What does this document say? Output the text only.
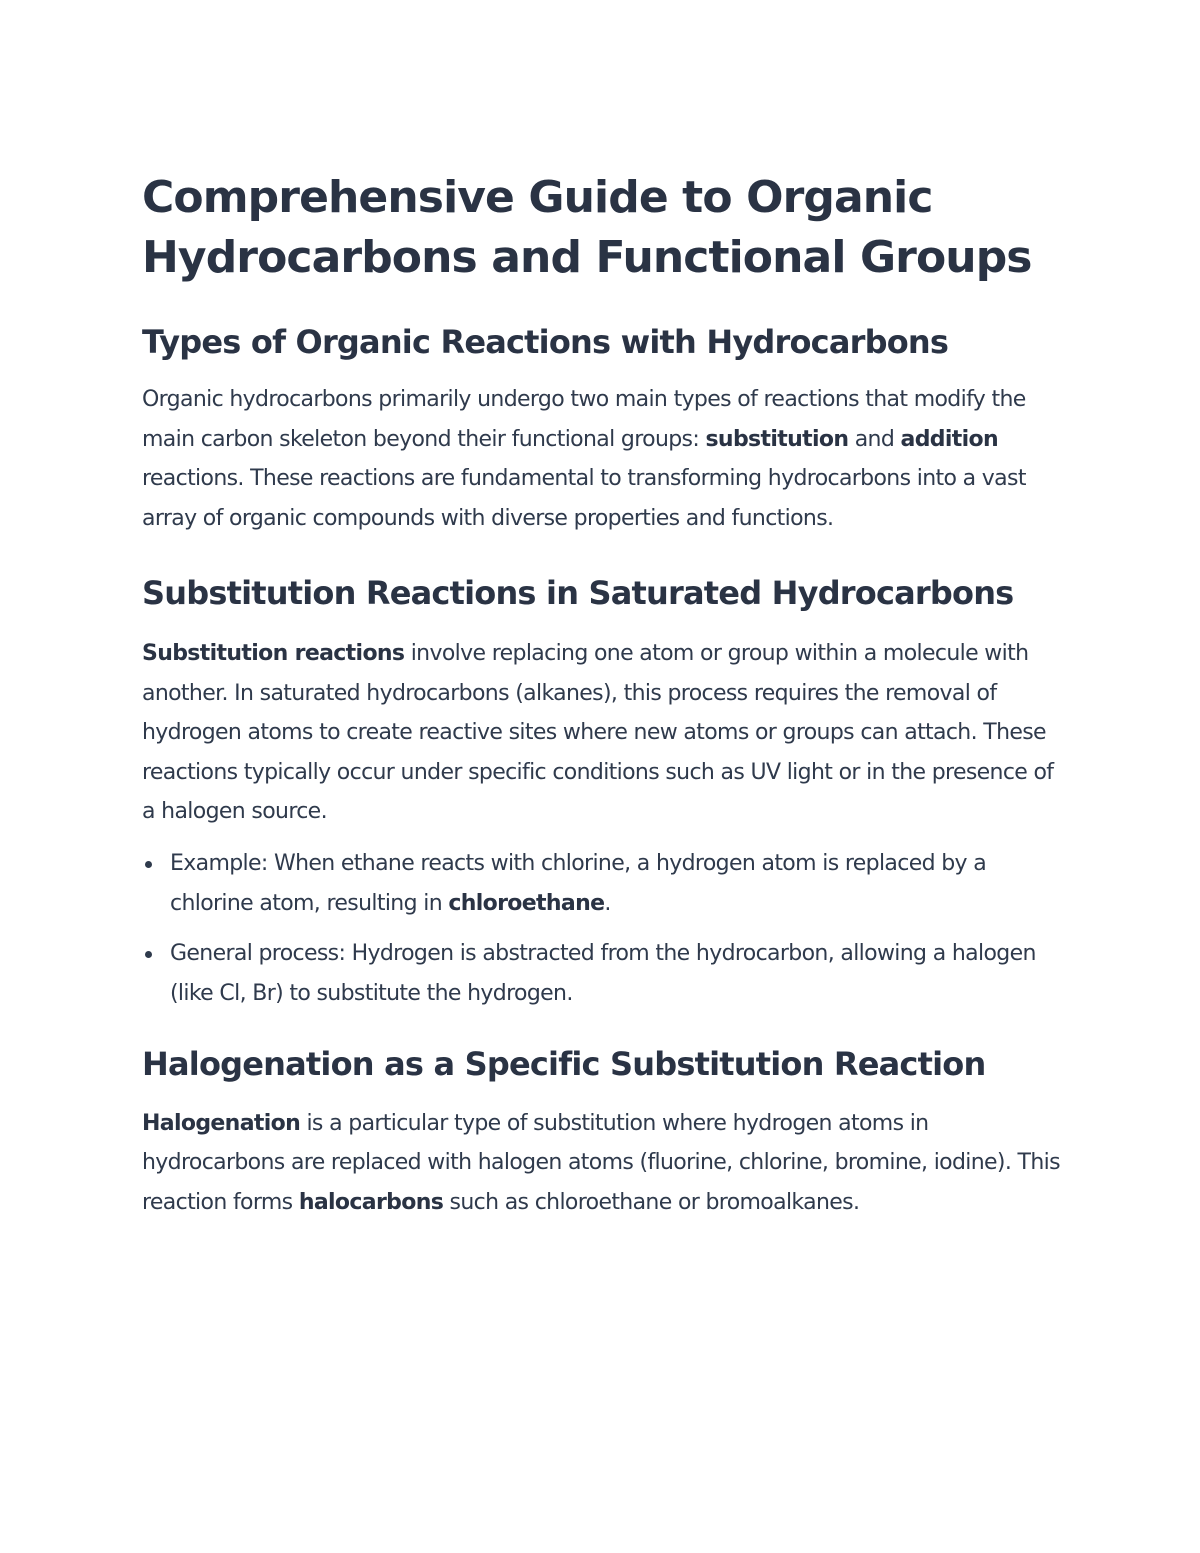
Comprehensive Guide to Organic Hydrocarbons and Functional Groups
Types of Organic Reactions with Hydrocarbons

Organic hydrocarbons primarily undergo two main types of reactions that modify the main carbon skeleton beyond their functional groups: substitution and addition reactions. These reactions are fundamental to transforming hydrocarbons into a vast array of organic compounds with diverse properties and functions.

Substitution Reactions in Saturated Hydrocarbons

Substitution reactions involve replacing one atom or group within a molecule with another. In saturated hydrocarbons (alkanes), this process requires the removal of hydrogen atoms to create reactive sites where new atoms or groups can attach. These reactions typically occur under specific conditions such as UV light or in the presence of a halogen source.

Example: When ethane reacts with chlorine, a hydrogen atom is replaced by a chlorine atom, resulting in chloroethane.
General process: Hydrogen is abstracted from the hydrocarbon, allowing a halogen (like Cl, Br) to substitute the hydrogen.
Halogenation as a Specific Substitution Reaction

Halogenation is a particular type of substitution where hydrogen atoms in hydrocarbons are replaced with halogen atoms (fluorine, chlorine, bromine, iodine). This reaction forms halocarbons such as chloroethane or bromoalkanes.
